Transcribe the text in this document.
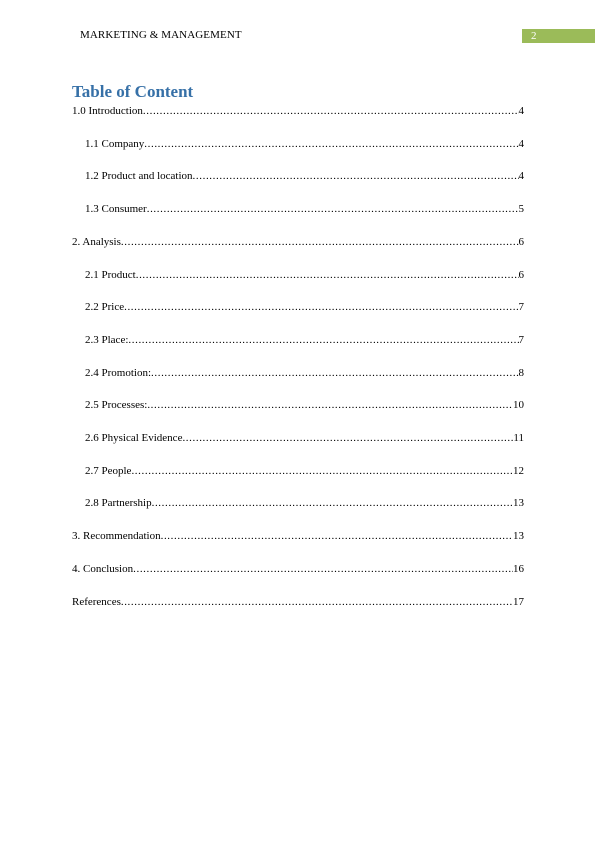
MARKETING & MANAGEMENT	2
Table of Content
1.0 Introduction .....	4
1.1 Company .....	4
1.2 Product and location .....	4
1.3 Consumer .....	5
2. Analysis .....	6
2.1 Product .....	6
2.2 Price .....	7
2.3 Place: .....	7
2.4 Promotion: .....	8
2.5 Processes: .....	10
2.6 Physical Evidence .....	11
2.7 People .....	12
2.8 Partnership .....	13
3. Recommendation .....	13
4. Conclusion .....	16
References .....	17
